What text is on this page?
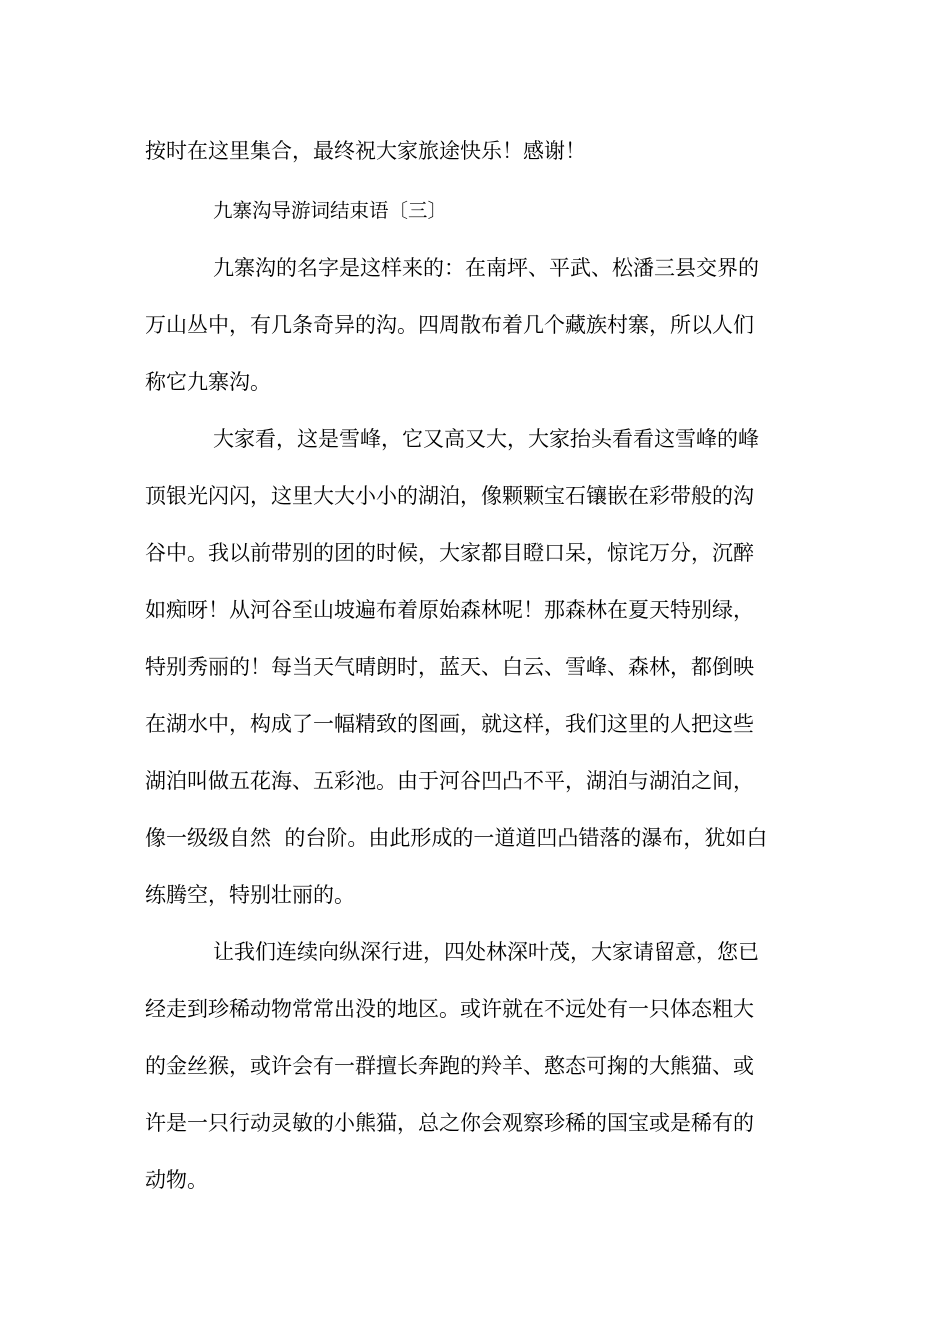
按时在这里集合，最终祝大家旅途快乐！感谢！
九寨沟导游词结束语〔三〕
九寨沟的名字是这样来的：在南坪、平武、松潘三县交界的
万山丛中，有几条奇异的沟。四周散布着几个藏族村寨，所以人们
称它九寨沟。
大家看，这是雪峰，它又高又大，大家抬头看看这雪峰的峰
顶银光闪闪，这里大大小小的湖泊，像颗颗宝石镶嵌在彩带般的沟
谷中。我以前带别的团的时候，大家都目瞪口呆，惊诧万分，沉醉
如痴呀！从河谷至山坡遍布着原始森林呢！那森林在夏天特别绿，
特别秀丽的！每当天气晴朗时，蓝天、白云、雪峰、森林，都倒映
在湖水中，构成了一幅精致的图画，就这样，我们这里的人把这些
湖泊叫做五花海、五彩池。由于河谷凹凸不平，湖泊与湖泊之间，
像一级级自然  的台阶。由此形成的一道道凹凸错落的瀑布，犹如白
练腾空，特别壮丽的。
让我们连续向纵深行进，四处林深叶茂，大家请留意，您已
经走到珍稀动物常常出没的地区。或许就在不远处有一只体态粗大
的金丝猴，或许会有一群擅长奔跑的羚羊、憨态可掬的大熊猫、或
许是一只行动灵敏的小熊猫，总之你会观察珍稀的国宝或是稀有的
动物。
